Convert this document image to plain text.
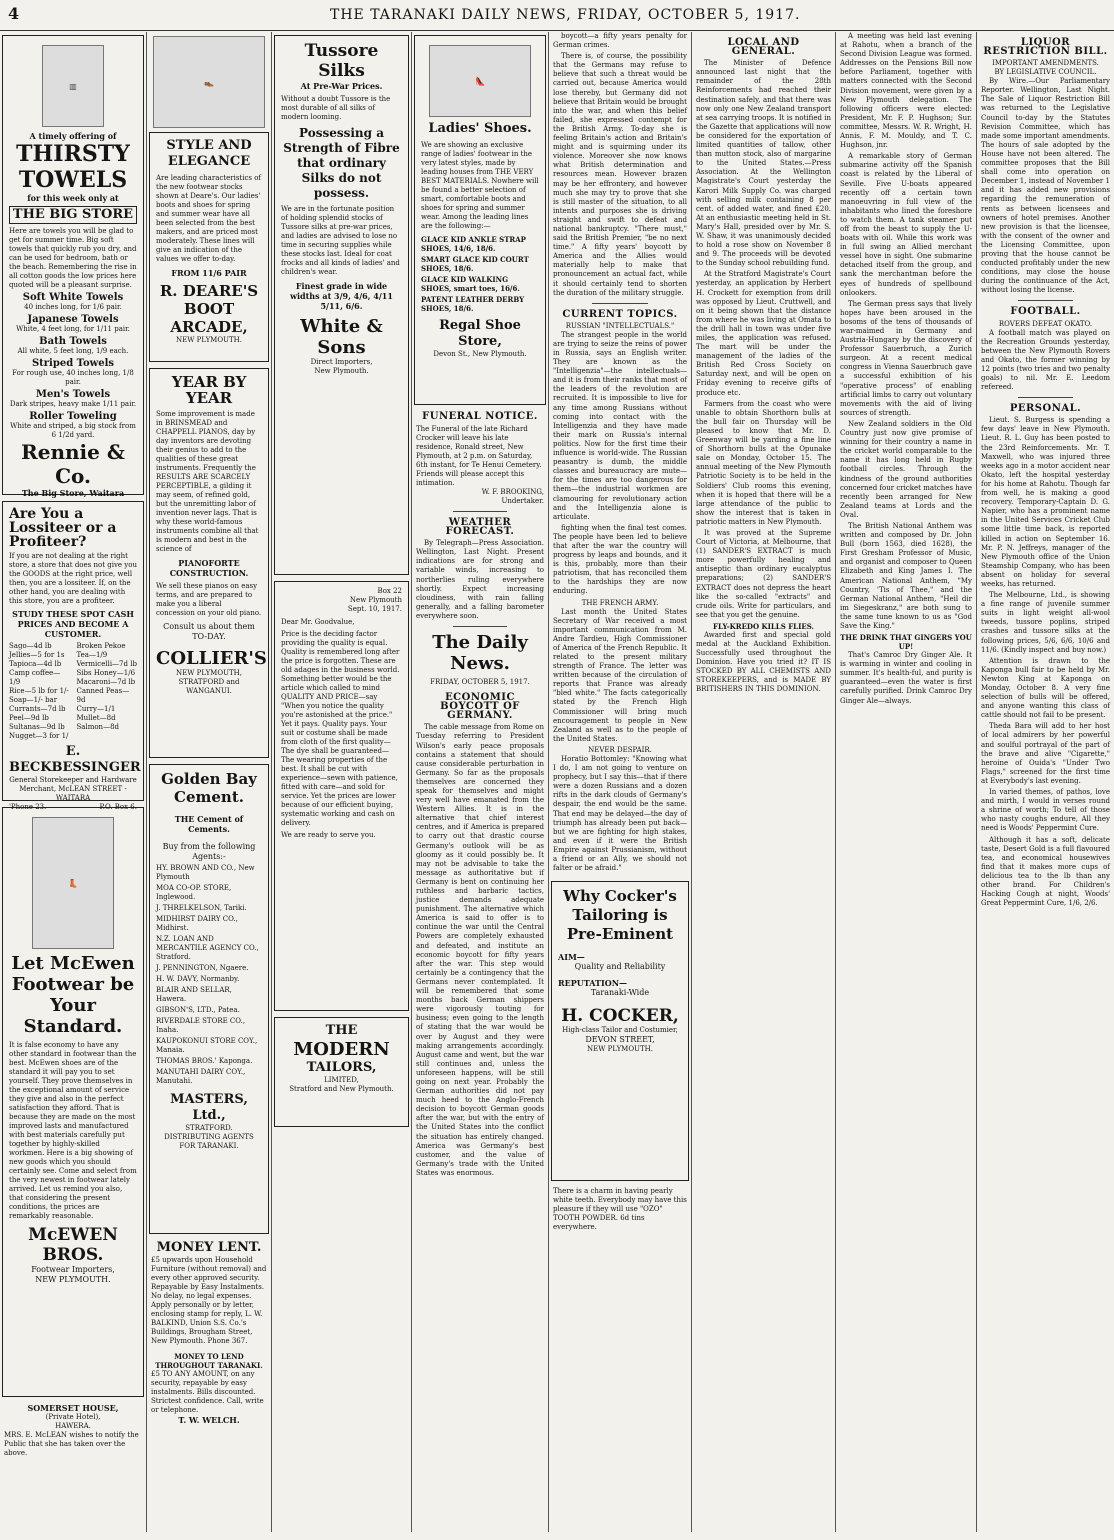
4	THE TARANAKI DAILY NEWS, FRIDAY, OCTOBER 5, 1917.
▥
A timely offering of
THIRSTY
TOWELS
for this week only at
THE BIG STORE
Here are towels you will be glad to get for summer time. Big soft towels that quickly rub you dry, and can be used for bedroom, bath or the beach. Remembering the rise in all cotton goods the low prices here quoted will be a pleasant surprise.
Soft White Towels
40 inches long, for 1/6 pair.
Japanese Towels
White, 4 feet long, for 1/11 pair.
Bath Towels
All white, 5 feet long, 1/9 each.
Striped Towels
For rough use, 40 inches long, 1/8 pair.
Men's Towels
Dark stripes, heavy make 1/11 pair.
Roller Toweling
White and striped, a big stock from 6 1/2d yard.
Rennie & Co.
The Big Store, Waitara
Are You a Lossiteer or a Profiteer?
If you are not dealing at the right store, a store that does not give you the GOODS at the right price, well then, you are a lossiteer. If, on the other hand, you are dealing with this store, you are a profiteer.
STUDY THESE SPOT CASH PRICES AND BECOME A CUSTOMER.
Sago—4d lb
Jellies—5 for 1s
Tapioca—4d lb
Camp coffee—1/9
Rice—5 lb for 1/-
Soap—1/- bar
Currants—7d lb
Peel—9d lb
Sultanas—9d lb
Nugget—3 for 1/
Broken Pekoe Tea—1/9
Vermicelli—7d lb
Sibs Honey—1/6
Macaroni—7d lb
Canned Peas—9d
Curry—1/1
Mullet—8d
Salmon—8d
E. BECKBESSINGER
General Storekeeper and Hardware Merchant, McLEAN STREET - WAITARA
'Phone 23.	P.O. Box 6.
👢
Let McEwen Footwear be Your Standard.
It is false economy to have any other standard in footwear than the best. McEwen shoes are of the standard it will pay you to set yourself. They prove themselves in the exceptional amount of service they give and also in the perfect satisfaction they afford. That is because they are made on the most improved lasts and manufactured with best materials carefully put together by highly-skilled workmen. Here is a big showing of new goods which you should certainly see. Come and select from the very newest in footwear lately arrived. Let us remind you also, that considering the present conditions, the prices are remarkably reasonable.
McEWEN BROS.
Footwear Importers,
NEW PLYMOUTH.
SOMERSET HOUSE,
(Private Hotel),
HAWERA.
MRS. E. McLEAN wishes to notify the Public that she has taken over the above.
👞
STYLE AND ELEGANCE
Are leading characteristics of the new footwear stocks shown at Deare's. Our ladies' boots and shoes for spring and summer wear have all been selected from the best makers, and are priced most moderately. These lines will give an indication of the values we offer to-day.
FROM 11/6 PAIR
R. DEARE'S BOOT ARCADE,
NEW PLYMOUTH.
YEAR BY YEAR
Some improvement is made in BRINSMEAD and CHAPPELL PIANOS, day by day inventors are devoting their genius to add to the qualities of these great instruments. Frequently the RESULTS ARE SCARCELY PERCEPTIBLE, a gilding it may seem, of refined gold, but the unremitting labor of invention never lags. That is why these world-famous instruments combine all that is modern and best in the science of
PIANOFORTE CONSTRUCTION.
We sell these pianos on easy terms, and are prepared to make you a liberal concession on your old piano.
Consult us about them TO-DAY.
COLLIER'S
NEW PLYMOUTH, STRATFORD and WANGANUI.
Golden Bay Cement.
THE Cement of Cements.
Buy from the following Agents:-
HY. BROWN AND CO., New Plymouth
MOA CO-OP. STORE, Inglewood.
J. THRELKELSON, Tariki.
MIDHIRST DAIRY CO., Midhirst.
N.Z. LOAN AND MERCANTILE AGENCY CO., Stratford.
J. PENNINGTON, Ngaere.
H. W. DAVY, Normanby.
BLAIR AND SELLAR, Hawera.
GIBSON'S, LTD., Patea.
RIVERDALE STORE CO., Inaha.
KAUPOKONUI STORE COY., Manaia.
THOMAS BROS.' Kaponga.
MANUTAHI DAIRY COY., Manutahi.
MASTERS, Ltd.,
STRATFORD.
DISTRIBUTING AGENTS FOR TARANAKI.
MONEY LENT.
£5 upwards upon Household Furniture (without removal) and every other approved security. Repayable by Easy Instalments. No delay, no legal expenses. Apply personally or by letter, enclosing stamp for reply, L. W. BALKIND, Union S.S. Co.'s Buildings, Brougham Street, New Plymouth. Phone 367.
MONEY TO LEND THROUGHOUT TARANAKI.
£5 TO ANY AMOUNT, on any security, repayable by easy instalments. Bills discounted. Strictest confidence. Call, write or telephone.
T. W. WELCH.
Tussore Silks
At Pre-War Prices.
Without a doubt Tussore is the most durable of all silks of modern looming.
Possessing a Strength of Fibre that ordinary Silks do not possess.
We are in the fortunate position of holding splendid stocks of Tussore silks at pre-war prices, and ladies are advised to lose no time in securing supplies while these stocks last. Ideal for coat frocks and all kinds of ladies' and children's wear.
Finest grade in wide widths at 3/9, 4/6, 4/11 5/11, 6/6.
White & Sons
Direct Importers,
New Plymouth.
Box 22
New Plymouth
Sept. 10, 1917.
Dear Mr. Goodvalue,
Price is the deciding factor providing the quality is equal. Quality is remembered long after the price is forgotten. These are old adages in the business world. Something better would be the article which called to mind QUALITY AND PRICE—say "When you notice the quality you're astonished at the price." Yet it pays. Quality pays. Your suit or costume shall be made from cloth of the first quality—The dye shall be guaranteed—The wearing properties of the best. It shall be cut with experience—sewn with patience, fitted with care—and sold for service. Yet the prices are lower because of our efficient buying, systematic working and cash on delivery.
We are ready to serve you.
THE
MODERN
TAILORS,
LIMITED,
Stratford and New Plymouth.
👠
Ladies' Shoes.
We are showing an exclusive range of ladies' footwear in the very latest styles, made by leading houses from THE VERY BEST MATERIALS. Nowhere will be found a better selection of smart, comfortable boots and shoes for spring and summer wear. Among the leading lines are the following:—
GLACE KID ANKLE STRAP SHOES, 14/6, 18/6.
SMART GLACE KID COURT SHOES, 18/6.
GLACE KID WALKING SHOES, smart toes, 16/6.
PATENT LEATHER DERBY SHOES, 18/6.
Regal Shoe Store,
Devon St., New Plymouth.
FUNERAL NOTICE.
The Funeral of the late Richard Crocker will leave his late residence, Ronald street, New Plymouth, at 2 p.m. on Saturday, 6th instant, for Te Henui Cemetery. Friends will please accept this intimation.
W. F. BROOKING,
Undertaker.
WEATHER FORECAST.

By Telegraph—Press Association. Wellington, Last Night. Present indications are for strong and variable winds, increasing to northerlies ruling everywhere shortly. Expect increasing cloudiness, with rain falling generally, and a falling barometer everywhere soon.

The Daily News.
FRIDAY, OCTOBER 5, 1917.
ECONOMIC BOYCOTT OF GERMANY.

The cable message from Rome on Tuesday referring to President Wilson's early peace proposals contains a statement that should cause considerable perturbation in Germany. So far as the proposals themselves are concerned they speak for themselves and might very well have emanated from the Western Allies. It is in the alternative that chief interest centres, and if America is prepared to carry out that drastic course Germany's outlook will be as gloomy as it could possibly be. It may not be advisable to take the message as authoritative but if Germany is bent on continuing her ruthless and barbaric tactics, justice demands adequate punishment. The alternative which America is said to offer is to continue the war until the Central Powers are completely exhausted and defeated, and institute an economic boycott for fifty years after the war. This step would certainly be a contingency that the Germans never contemplated. It will be remembered that some months back German shippers were vigorously touting for business; even going to the length of stating that the war would be over by August and they were making arrangements accordingly. August came and went, but the war still continues and, unless the unforeseen happens, will be still going on next year. Probably the German authorities did not pay much heed to the Anglo-French decision to boycott German goods after the war, but with the entry of the United States into the conflict the situation has entirely changed. America was Germany's best customer, and the value of Germany's trade with the United States was enormous.

boycott—a fifty years penalty for German crimes.

There is, of course, the possibility that the Germans may refuse to believe that such a threat would be carried out, because America would lose thereby, but Germany did not believe that Britain would be brought into the war, and when this belief failed, she expressed contempt for the British Army. To-day she is feeling Britain's action and Britain's might and is squirming under its violence. Moreover she now knows what British determination and resources mean. However brazen may be her effrontery, and however much she may try to prove that she is still master of the situation, to all intents and purposes she is driving straight and swift to defeat and national bankruptcy. "There must," said the British Premier, "be no next time." A fifty years' boycott by America and the Allies would materially help to make that pronouncement an actual fact, while it should certainly tend to shorten the duration of the military struggle.

CURRENT TOPICS.
RUSSIAN "INTELLECTUALS."

The strangest people in the world are trying to seize the reins of power in Russia, says an English writer. They are known as the "Intelligenzia"—the intellectuals—and it is from their ranks that most of the leaders of the revolution are recruited. It is impossible to live for any time among Russians without coming into contact with the Intelligenzia and they have made their mark on Russia's internal politics. Now for the first time their influence is world-wide. The Russian peasantry is dumb, the middle classes and bureaucracy are mute—for the times are too dangerous for them—the industrial workmen are clamouring for revolutionary action and the Intelligenzia alone is articulate.

fighting when the final test comes. The people have been led to believe that after the war the country will progress by leaps and bounds, and it is this, probably, more than their patriotism, that has reconciled them to the hardships they are now enduring.

THE FRENCH ARMY.

Last month the United States Secretary of War received a most important communication from M. Andre Tardieu, High Commissioner of America of the French Republic. It related to the present military strength of France. The letter was written because of the circulation of reports that France was already "bled white." The facts categorically stated by the French High Commissioner will bring much encouragement to people in New Zealand as well as to the people of the United States.

NEVER DESPAIR.

Horatio Bottomley: "Knowing what I do, I am not going to venture on prophecy, but I say this—that if there were a dozen Russians and a dozen rifts in the dark clouds of Germany's despair, the end would be the same. That end may be delayed—the day of triumph has already been put back—but we are fighting for high stakes, and even if it were the British Empire against Prussianism, without a friend or an Ally, we should not falter or be afraid."

Why Cocker's Tailoring is Pre-Eminent
AIM—
Quality and Reliability
REPUTATION—
Taranaki-Wide
H. COCKER,
High-class Tailor and Costumier,
DEVON STREET,
NEW PLYMOUTH.
There is a charm in having pearly white teeth. Everybody may have this pleasure if they will use "OZO" TOOTH POWDER. 6d tins everywhere.
LOCAL AND GENERAL.

The Minister of Defence announced last night that the remainder of the 28th Reinforcements had reached their destination safely, and that there was now only one New Zealand transport at sea carrying troops. It is notified in the Gazette that applications will now be considered for the exportation of limited quantities of tallow, other than mutton stock, also of margarine to the United States.—Press Association. At the Wellington Magistrate's Court yesterday the Karori Milk Supply Co. was charged with selling milk containing 8 per cent. of added water, and fined £20. At an enthusiastic meeting held in St. Mary's Hall, presided over by Mr. S. W. Shaw, it was unanimously decided to hold a rose show on November 8 and 9. The proceeds will be devoted to the Sunday school rebuilding fund.

At the Stratford Magistrate's Court yesterday, an application by Herbert H. Crockett for exemption from drill was opposed by Lieut. Cruttwell, and on it being shown that the distance from where he was living at Omata to the drill hall in town was under five miles, the application was refused. The mart will be under the management of the ladies of the British Red Cross Society on Saturday next, and will be open on Friday evening to receive gifts of produce etc.

Farmers from the coast who were unable to obtain Shorthorn bulls at the bull fair on Thursday will be pleased to know that Mr. D. Greenway will be yarding a fine line of Shorthorn bulls at the Opunake sale on Monday, October 15. The annual meeting of the New Plymouth Patriotic Society is to be held in the Soldiers' Club rooms this evening, when it is hoped that there will be a large attendance of the public to show the interest that is taken in patriotic matters in New Plymouth.

It was proved at the Supreme Court of Victoria, at Melbourne, that (1) SANDER'S EXTRACT is much more powerfully healing and antiseptic than ordinary eucalyptus preparations; (2) SANDER'S EXTRACT does not depress the heart like the so-called "extracts" and crude oils. Write for particulars, and see that you get the genuine.

FLY-KREDO KILLS FLIES.

Awarded first and special gold medal at the Auckland Exhibition. Successfully used throughout the Dominion. Have you tried it? IT IS STOCKED BY ALL CHEMISTS AND STOREKEEPERS, and is MADE BY BRITISHERS IN THIS DOMINION.

A meeting was held last evening at Rahotu, when a branch of the Second Division League was formed. Addresses on the Pensions Bill now before Parliament, together with matters connected with the Second Division movement, were given by a New Plymouth delegation. The following officers were elected: President, Mr. F. P. Hughson; Sur. committee, Messrs. W. R. Wright, H. Annis, F. M. Mouldy, and T. C. Hughson, jnr.

A remarkable story of German submarine activity off the Spanish coast is related by the Liberal of Seville. Five U-boats appeared recently off a certain town manoeuvring in full view of the inhabitants who lined the foreshore to watch them. A tank steamer put off from the beast to supply the U-boats with oil. While this work was in full swing an Allied merchant vessel hove in sight. One submarine detached itself from the group, and sank the merchantman before the eyes of hundreds of spellbound onlookers.

The German press says that lively hopes have been aroused in the bosoms of the tens of thousands of war-maimed in Germany and Austria-Hungary by the discovery of Professor Sauerbruch, a Zurich surgeon. At a recent medical congress in Vienna Sauerbruch gave a successful exhibition of his "operative process" of enabling artificial limbs to carry out voluntary movements with the aid of living sources of strength.

New Zealand soldiers in the Old Country just now give promise of winning for their country a name in the cricket world comparable to the name it has long held in Rugby football circles. Through the kindness of the ground authorities concerned four cricket matches have recently been arranged for New Zealand teams at Lords and the Oval.

The British National Anthem was written and composed by Dr. John Bull (born 1563, died 1628), the First Gresham Professor of Music, and organist and composer to Queen Elizabeth and King James I. The American National Anthem, "My Country, 'Tis of Thee," and the German National Anthem, "Heil dir im Siegeskranz," are both sung to the same tune known to us as "God Save the King."

THE DRINK THAT GINGERS YOU UP!

That's Camroc Dry Ginger Ale. It is warming in winter and cooling in summer. It's health-ful, and purity is guaranteed—even the water is first carefully purified. Drink Camroc Dry Ginger Ale—always.

LIQUOR RESTRICTION BILL.
IMPORTANT AMENDMENTS.
BY LEGISLATIVE COUNCIL.

By Wire.—Our Parliamentary Reporter. Wellington, Last Night. The Sale of Liquor Restriction Bill was returned to the Legislative Council to-day by the Statutes Revision Committee, which has made some important amendments. The hours of sale adopted by the House have not been altered. The committee proposes that the Bill shall come into operation on December 1, instead of November 1 and it has added new provisions regarding the remuneration of rents as between licensees and owners of hotel premises. Another new provision is that the licensee, with the consent of the owner and the Licensing Committee, upon proving that the house cannot be conducted profitably under the new conditions, may close the house during the continuance of the Act, without losing the license.

FOOTBALL.
ROVERS DEFEAT OKATO.

A football match was played on the Recreation Grounds yesterday, between the New Plymouth Rovers and Okato, the former winning by 12 points (two tries and two penalty goals) to nil. Mr. E. Leedom refereed.

PERSONAL.

Lieut. S. Burgess is spending a few days' leave in New Plymouth. Lieut. R. L. Guy has been posted to the 23rd Reinforcements. Mr. T. Maxwell, who was injured three weeks ago in a motor accident near Okato, left the hospital yesterday for his home at Rahotu. Though far from well, he is making a good recovery. Temporary-Captain D. G. Napier, who has a prominent name in the United Services Cricket Club some little time back, is reported killed in action on September 16. Mr. P. N. Jeffreys, manager of the New Plymouth office of the Union Steamship Company, who has been absent on holiday for several weeks, has returned.

The Melbourne, Ltd., is showing a fine range of juvenile summer suits in light weight all-wool tweeds, tussore poplins, striped crashes and tussore silks at the following prices, 5/6, 6/6, 10/6 and 11/6. (Kindly inspect and buy now.)

Attention is drawn to the Kaponga bull fair to be held by Mr. Newton King at Kaponga on Monday, October 8. A very fine selection of bulls will be offered, and anyone wanting this class of cattle should not fail to be present.

Theda Bara will add to her host of local admirers by her powerful and soulful portrayal of the part of the brave and alive "Cigarette," heroine of Ouida's "Under Two Flags," screened for the first time at Everybody's last evening.

In varied themes, of pathos, love and mirth, I would in verses round a shrine of worth; To tell of those who nasty coughs endure, All they need is Woods' Peppermint Cure.

Although it has a soft, delicate taste, Desert Gold is a full flavoured tea, and economical housewives find that it makes more cups of delicious tea to the lb than any other brand. For Children's Hacking Cough at night, Woods' Great Peppermint Cure, 1/6, 2/6.
